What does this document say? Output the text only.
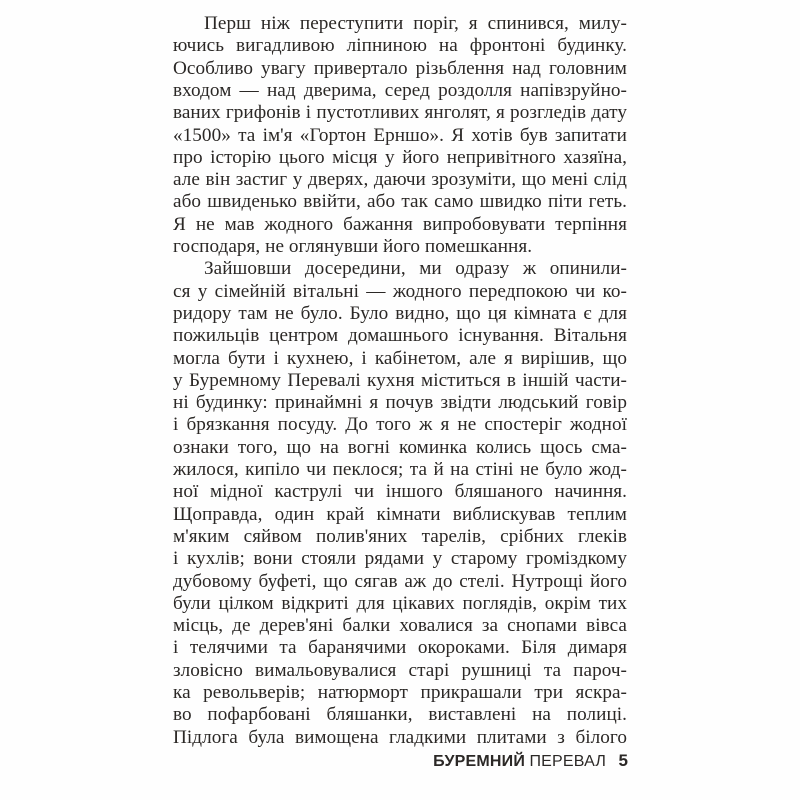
Перш ніж переступити поріг, я спинився, милу-
ючись вигадливою ліпниною на фронтоні будинку.
Особливо увагу привертало різьблення над головним
входом — над дверима, серед роздолля напівзруйно-
ваних грифонів і пустотливих янголят, я розгледів дату
«1500» та ім'я «Гортон Ерншо». Я хотів був запитати
про історію цього місця у його непривітного хазяїна,
але він застиг у дверях, даючи зрозуміти, що мені слід
або швиденько ввійти, або так само швидко піти геть.
Я не мав жодного бажання випробовувати терпіння
господаря, не оглянувши його помешкання.
Зайшовши досередини, ми одразу ж опинили-
ся у сімейній вітальні — жодного передпокою чи ко-
ридору там не було. Було видно, що ця кімната є для
пожильців центром домашнього існування. Вітальня
могла бути і кухнею, і кабінетом, але я вирішив, що
у Буремному Перевалі кухня міститься в іншій части-
ні будинку: принаймні я почув звідти людський говір
і брязкання посуду. До того ж я не спостеріг жодної
ознаки того, що на вогні коминка колись щось сма-
жилося, кипіло чи пеклося; та й на стіні не було жод-
ної мідної каструлі чи іншого бляшаного начиння.
Щоправда, один край кімнати виблискував теплим
м'яким сяйвом полив'яних тарелів, срібних глеків
і кухлів; вони стояли рядами у старому громіздкому
дубовому буфеті, що сягав аж до стелі. Нутрощі його
були цілком відкриті для цікавих поглядів, окрім тих
місць, де дерев'яні балки ховалися за снопами вівса
і телячими та баранячими окороками. Біля димаря
зловісно вимальовувалися старі рушниці та пароч-
ка револьверів; натюрморт прикрашали три яскра-
во пофарбовані бляшанки, виставлені на полиці.
Підлога була вимощена гладкими плитами з білого
БУРЕМНИЙ ПЕРЕВАЛ 5
